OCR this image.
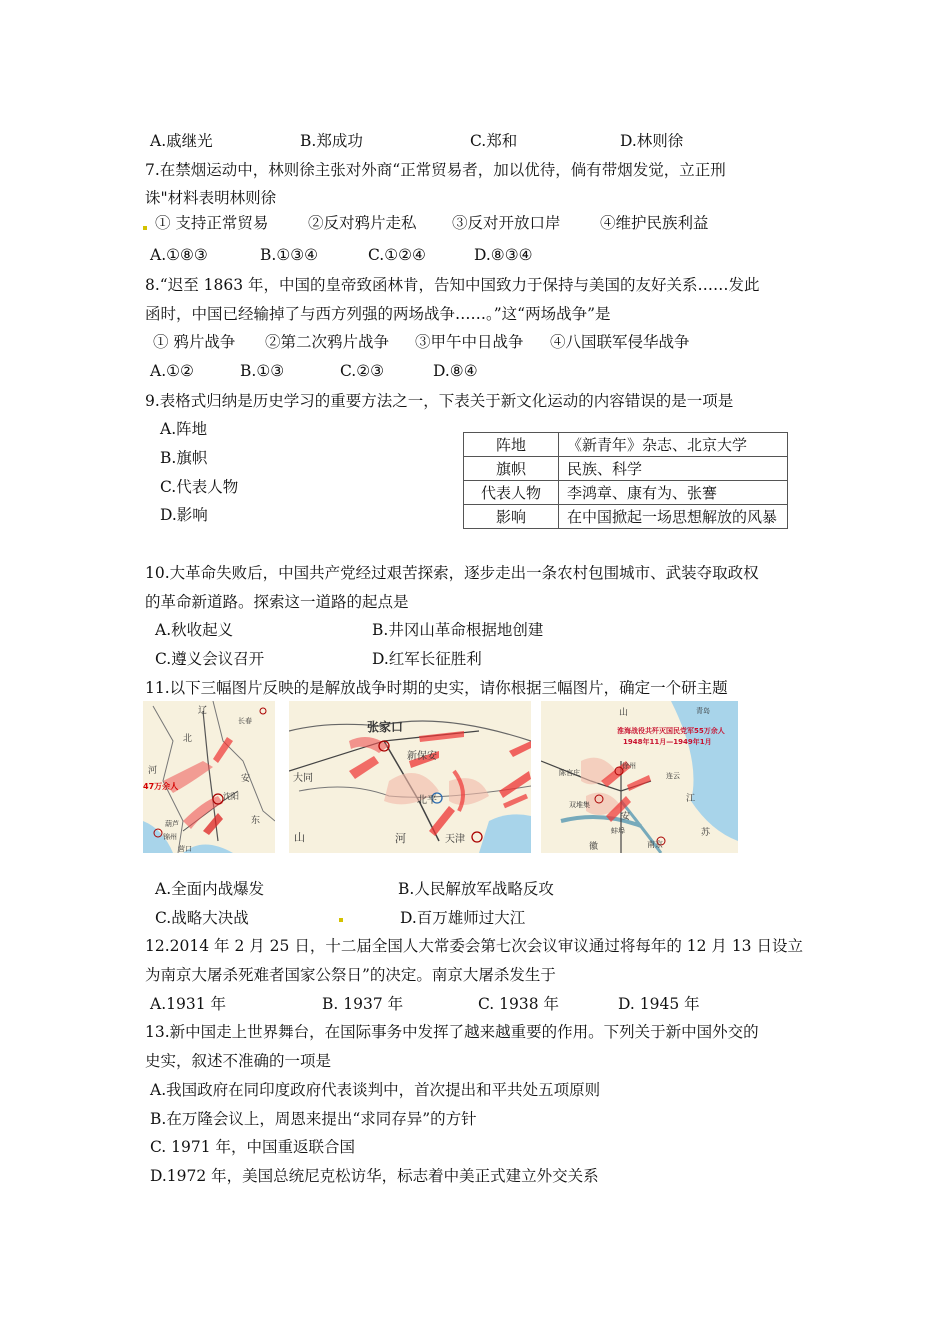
A.戚继光	B.郑成功	C.郑和	D.林则徐
7.在禁烟运动中，林则徐主张对外商“正常贸易者，加以优待，倘有带烟发觉，立正刑
诛"材料表明林则徐
① 支持正常贸易	②反对鸦片走私 ③反对开放口岸	④维护民族利益
A.①⑧③	B.①③④	C.①②④	D.⑧③④
8.“迟至 1863 年，中国的皇帝致函林肯，告知中国致力于保持与美国的友好关系……发此
函时，中国已经输掉了与西方列强的两场战争……。”这“两场战争”是
① 鸦片战争 ②第二次鸦片战争 ③甲午中日战争 ④八国联军侵华战争
A.①②	B.①③	C.②③	D.⑧④
9.表格式归纳是历史学习的重要方法之一，下表关于新文化运动的内容错误的是一项是
A.阵地
B.旗帜
C.代表人物
D.影响
阵地	《新青年》杂志、北京大学
旗帜	民族、科学
代表人物	李鸿章、康有为、张謇
影响	在中国掀起一场思想解放的风暴
10.大革命失败后，中国共产党经过艰苦探索，逐步走出一条农村包围城市、武装夺取政权
的革命新道路。探索这一道路的起点是
A.秋收起义	B.井冈山革命根据地创建
C.遵义会议召开	D.红军长征胜利
11.以下三幅图片反映的是解放战争时期的史实，请你根据三幅图片，确定一个研主题
辽
长春
北
河
47万余人
沈阳
安
东
锦州
营口
葫芦
张家口
新保安
大同
北平
天津
山	河
山	青岛
淮海战役共歼灭国民党军55万余人
1948年11月—1949年1月
徐州
连云
陈官庄
双堆集
江
安
蚌埠	苏
南京
徽
A.全面内战爆发	B.人民解放军战略反攻
C.战略大决战	D.百万雄师过大江
12.2014 年 2 月 25 日，十二届全国人大常委会第七次会议审议通过将每年的 12 月 13 日设立
为南京大屠杀死难者国家公祭日”的决定。南京大屠杀发生于
A.1931 年	B. 1937 年	C. 1938 年	D. 1945 年
13.新中国走上世界舞台，在国际事务中发挥了越来越重要的作用。下列关于新中国外交的
史实，叙述不准确的一项是
A.我国政府在同印度政府代表谈判中，首次提出和平共处五项原则
B.在万隆会议上，周恩来提出“求同存异”的方针
C. 1971 年，中国重返联合国
D.1972 年，美国总统尼克松访华，标志着中美正式建立外交关系
